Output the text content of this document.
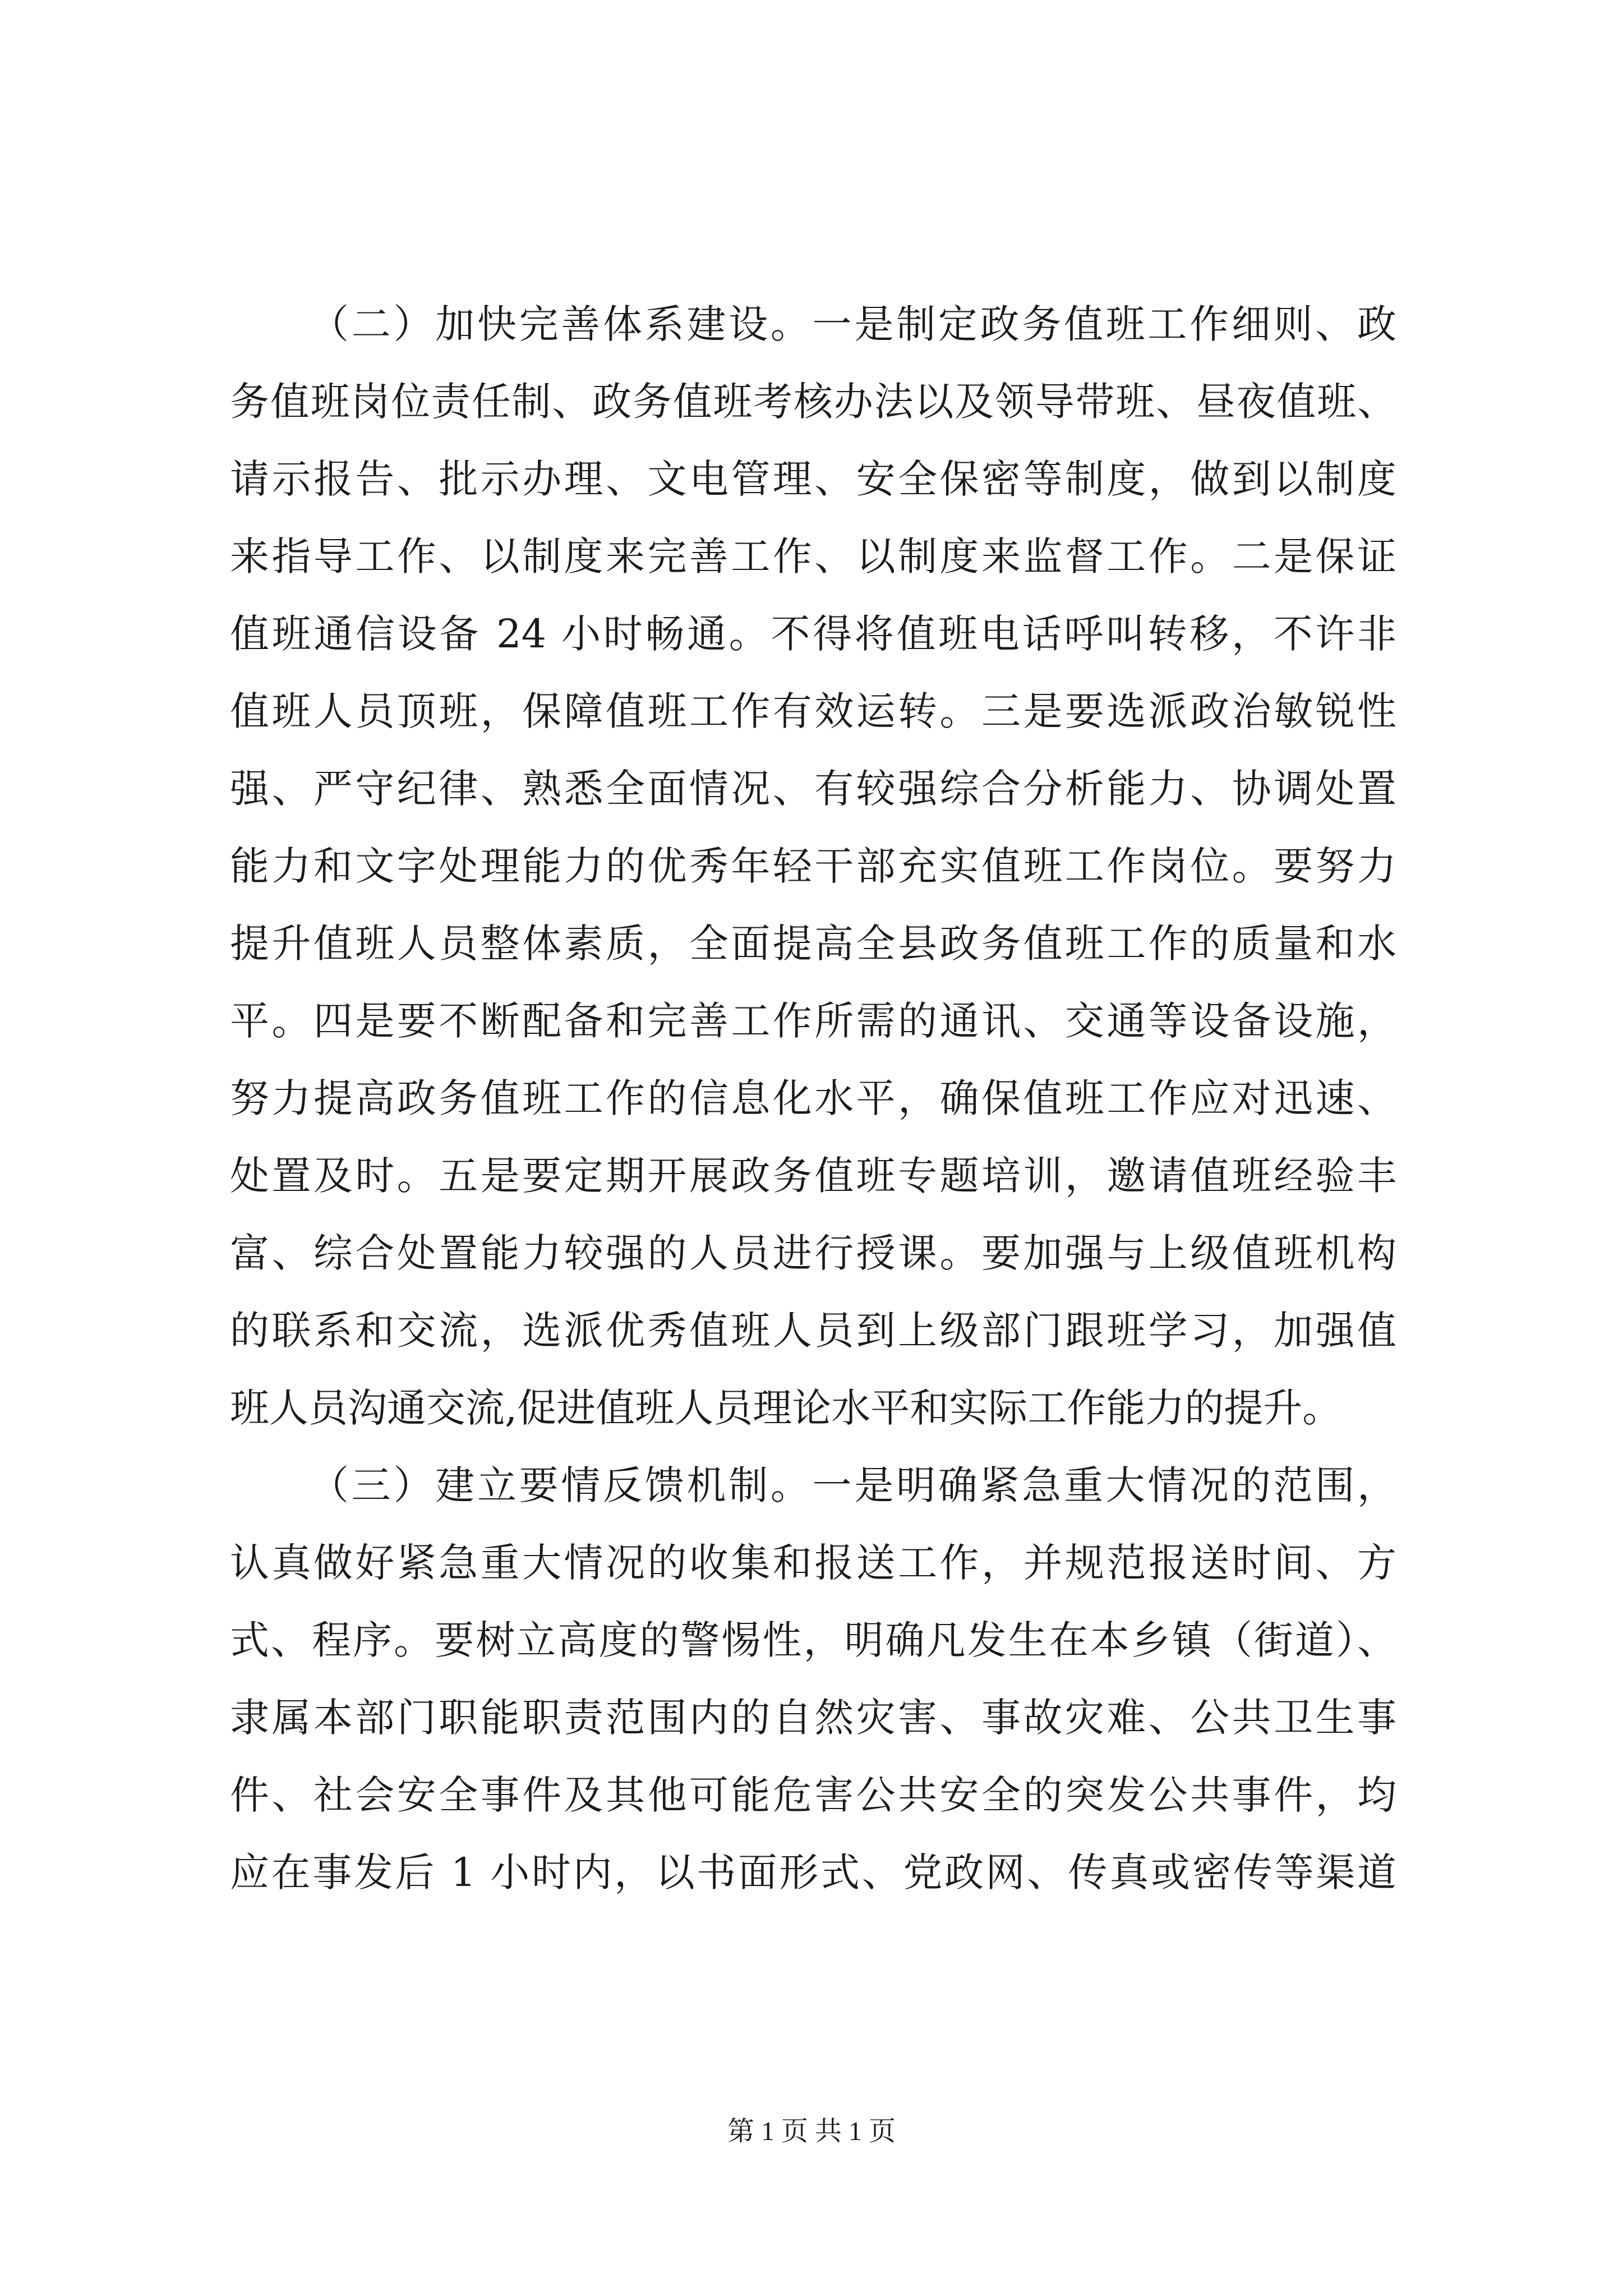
（二）加快完善体系建设。一是制定政务值班工作细则、政
务值班岗位责任制、政务值班考核办法以及领导带班、昼夜值班、
请示报告、批示办理、文电管理、安全保密等制度，做到以制度
来指导工作、以制度来完善工作、以制度来监督工作。二是保证
值班通信设备 24 小时畅通。不得将值班电话呼叫转移，不许非
值班人员顶班，保障值班工作有效运转。三是要选派政治敏锐性
强、严守纪律、熟悉全面情况、有较强综合分析能力、协调处置
能力和文字处理能力的优秀年轻干部充实值班工作岗位。要努力
提升值班人员整体素质，全面提高全县政务值班工作的质量和水
平。四是要不断配备和完善工作所需的通讯、交通等设备设施，
努力提高政务值班工作的信息化水平，确保值班工作应对迅速、
处置及时。五是要定期开展政务值班专题培训，邀请值班经验丰
富、综合处置能力较强的人员进行授课。要加强与上级值班机构
的联系和交流，选派优秀值班人员到上级部门跟班学习，加强值
班人员沟通交流,促进值班人员理论水平和实际工作能力的提升。
（三）建立要情反馈机制。一是明确紧急重大情况的范围，
认真做好紧急重大情况的收集和报送工作，并规范报送时间、方
式、程序。要树立高度的警惕性，明确凡发生在本乡镇（街道）、
隶属本部门职能职责范围内的自然灾害、事故灾难、公共卫生事
件、社会安全事件及其他可能危害公共安全的突发公共事件，均
应在事发后 1 小时内，以书面形式、党政网、传真或密传等渠道
第 1 页 共 1 页
